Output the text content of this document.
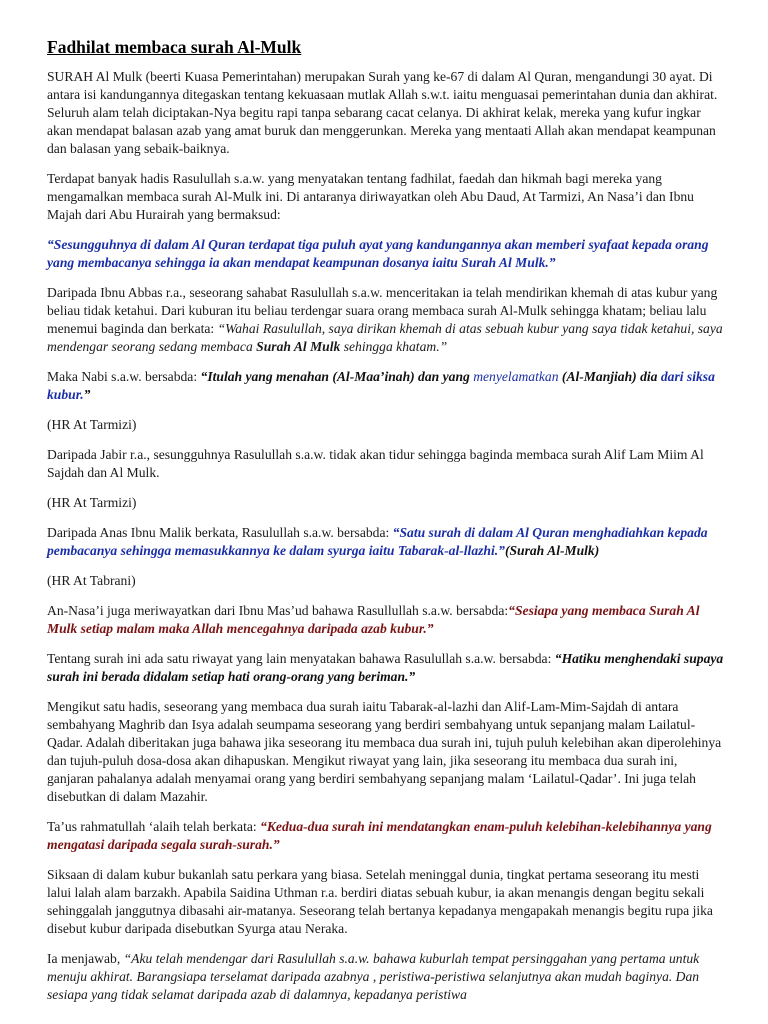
Fadhilat membaca surah Al-Mulk

SURAH Al Mulk (beerti Kuasa Pemerintahan) merupakan Surah yang ke-67 di dalam Al Quran, mengandungi 30 ayat. Di antara isi kandungannya ditegaskan tentang kekuasaan mutlak Allah s.w.t. iaitu menguasai pemerintahan dunia dan akhirat. Seluruh alam telah diciptakan-Nya begitu rapi tanpa sebarang cacat celanya. Di akhirat kelak, mereka yang kufur ingkar akan mendapat balasan azab yang amat buruk dan menggerunkan. Mereka yang mentaati Allah akan mendapat keampunan dan balasan yang sebaik-baiknya.

Terdapat banyak hadis Rasulullah s.a.w. yang menyatakan tentang fadhilat, faedah dan hikmah bagi mereka yang mengamalkan membaca surah Al-Mulk ini. Di antaranya diriwayatkan oleh Abu Daud, At Tarmizi, An Nasa’i dan Ibnu Majah dari Abu Hurairah yang bermaksud:

“Sesungguhnya di dalam Al Quran terdapat tiga puluh ayat yang kandungannya akan memberi syafaat kepada orang yang membacanya sehingga ia akan mendapat keampunan dosanya iaitu Surah Al Mulk.”

Daripada Ibnu Abbas r.a., seseorang sahabat Rasulullah s.a.w. menceritakan ia telah mendirikan khemah di atas kubur yang beliau tidak ketahui. Dari kuburan itu beliau terdengar suara orang membaca surah Al-Mulk sehingga khatam; beliau lalu menemui baginda dan berkata: “Wahai Rasulullah, saya dirikan khemah di atas sebuah kubur yang saya tidak ketahui, saya mendengar seorang sedang membaca Surah Al Mulk sehingga khatam.”

Maka Nabi s.a.w. bersabda: “Itulah yang menahan (Al-Maa’inah) dan yang menyelamatkan (Al-Manjiah) dia dari siksa kubur.”

(HR At Tarmizi)

Daripada Jabir r.a., sesungguhnya Rasulullah s.a.w. tidak akan tidur sehingga baginda membaca surah Alif Lam Miim Al Sajdah dan Al Mulk.

(HR At Tarmizi)

Daripada Anas Ibnu Malik berkata, Rasulullah s.a.w. bersabda: “Satu surah di dalam Al Quran menghadiahkan kepada pembacanya sehingga memasukkannya ke dalam syurga iaitu Tabarak-al-llazhi.”(Surah Al-Mulk)

(HR At Tabrani)

An-Nasa’i juga meriwayatkan dari Ibnu Mas’ud bahawa Rasullullah s.a.w. bersabda:“Sesiapa yang membaca Surah Al Mulk setiap malam maka Allah mencegahnya daripada azab kubur.”

Tentang surah ini ada satu riwayat yang lain menyatakan bahawa Rasulullah s.a.w. bersabda: “Hatiku menghendaki supaya surah ini berada didalam setiap hati orang-orang yang beriman.”

Mengikut satu hadis, seseorang yang membaca dua surah iaitu Tabarak-al-lazhi dan Alif-Lam-Mim-Sajdah di antara sembahyang Maghrib dan Isya adalah seumpama seseorang yang berdiri sembahyang untuk sepanjang malam Lailatul-Qadar. Adalah diberitakan juga bahawa jika seseorang itu membaca dua surah ini, tujuh puluh kelebihan akan diperolehinya dan tujuh-puluh dosa-dosa akan dihapuskan. Mengikut riwayat yang lain, jika seseorang itu membaca dua surah ini, ganjaran pahalanya adalah menyamai orang yang berdiri sembahyang sepanjang malam ‘Lailatul-Qadar’. Ini juga telah disebutkan di dalam Mazahir.

Ta’us rahmatullah ‘alaih telah berkata: “Kedua-dua surah ini mendatangkan enam-puluh kelebihan-kelebihannya yang mengatasi daripada segala surah-surah.”

Siksaan di dalam kubur bukanlah satu perkara yang biasa. Setelah meninggal dunia, tingkat pertama seseorang itu mesti lalui lalah alam barzakh. Apabila Saidina Uthman r.a. berdiri diatas sebuah kubur, ia akan menangis dengan begitu sekali sehinggalah janggutnya dibasahi air-matanya. Seseorang telah bertanya kepadanya mengapakah menangis begitu rupa jika disebut kubur daripada disebutkan Syurga atau Neraka.

Ia menjawab, “Aku telah mendengar dari Rasulullah s.a.w. bahawa kuburlah tempat persinggahan yang pertama untuk menuju akhirat. Barangsiapa terselamat daripada azabnya , peristiwa-peristiwa selanjutnya akan mudah baginya. Dan sesiapa yang tidak selamat daripada azab di dalamnya, kepadanya peristiwa
